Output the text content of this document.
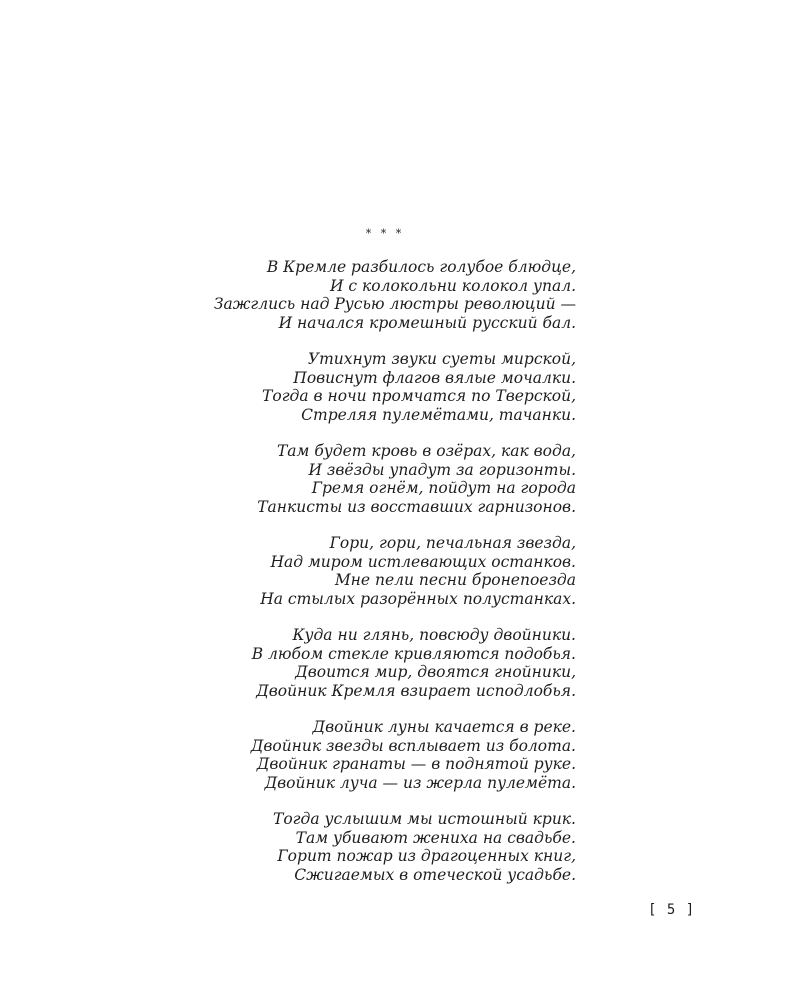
* * *
В Кремле разбилось голубое блюдце,
И с колокольни колокол упал.
Зажглись над Русью люстры революций —
И начался кромешный русский бал.
Утихнут звуки суеты мирской,
Повиснут флагов вялые мочалки.
Тогда в ночи промчатся по Тверской,
Стреляя пулемётами, тачанки.
Там будет кровь в озёрах, как вода,
И звёзды упадут за горизонты.
Гремя огнём, пойдут на города
Танкисты из восставших гарнизонов.
Гори, гори, печальная звезда,
Над миром истлевающих останков.
Мне пели песни бронепоезда
На стылых разорённых полустанках.
Куда ни глянь, повсюду двойники.
В любом стекле кривляются подобья.
Двоится мир, двоятся гнойники,
Двойник Кремля взирает исподлобья.
Двойник луны качается в реке.
Двойник звезды всплывает из болота.
Двойник гранаты — в поднятой руке.
Двойник луча — из жерла пулемёта.
Тогда услышим мы истошный крик.
Там убивают жениха на свадьбе.
Горит пожар из драгоценных книг,
Сжигаемых в отеческой усадьбе.
[ 5 ]
